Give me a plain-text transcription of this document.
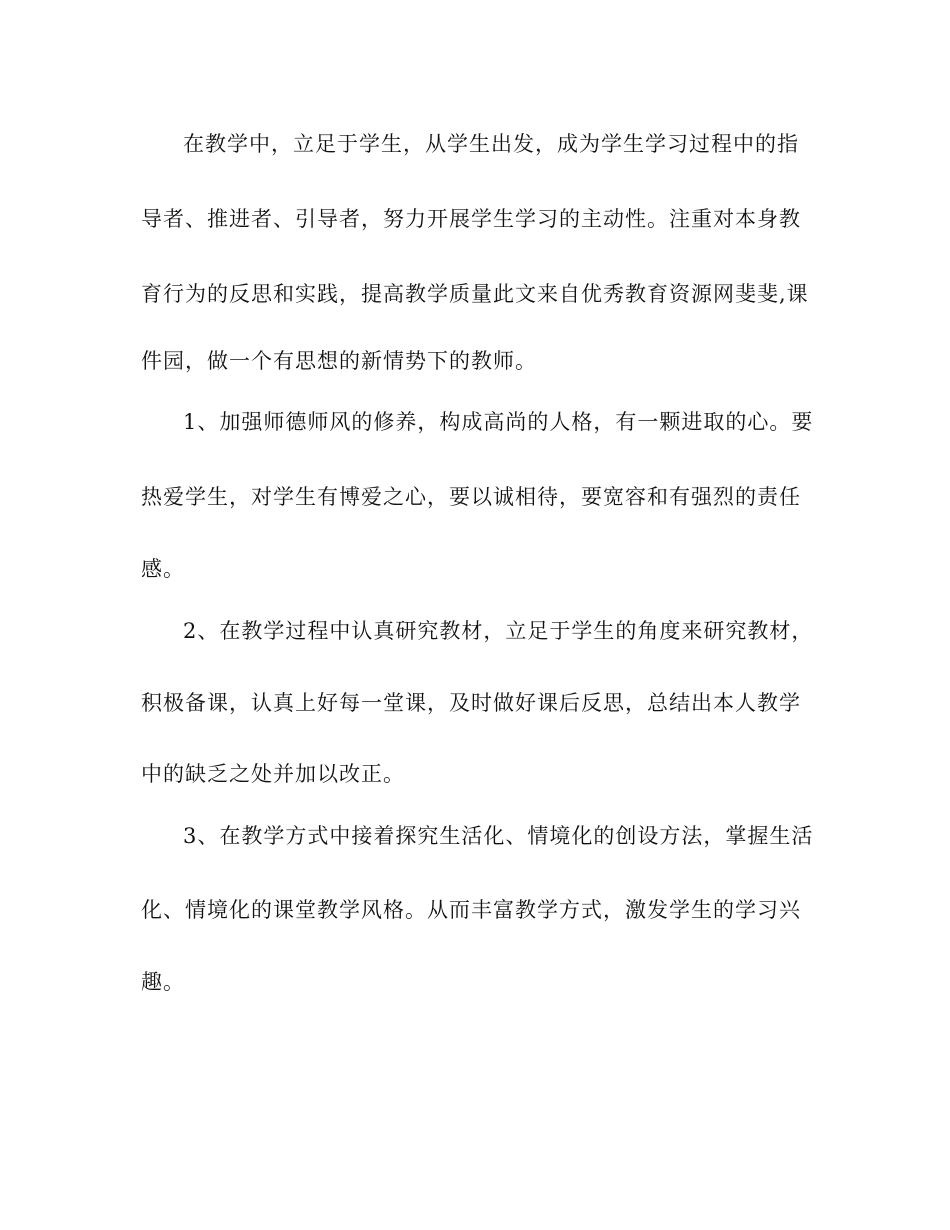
在教学中，立足于学生，从学生出发，成为学生学习过程中的指
导者、推进者、引导者，努力开展学生学习的主动性。注重对本身教
育行为的反思和实践，提高教学质量此文来自优秀教育资源网斐斐,课
件园，做一个有思想的新情势下的教师。
1、加强师德师风的修养，构成高尚的人格，有一颗进取的心。要
热爱学生，对学生有博爱之心，要以诚相待，要宽容和有强烈的责任
感。
2、在教学过程中认真研究教材，立足于学生的角度来研究教材，
积极备课，认真上好每一堂课，及时做好课后反思，总结出本人教学
中的缺乏之处并加以改正。
3、在教学方式中接着探究生活化、情境化的创设方法，掌握生活
化、情境化的课堂教学风格。从而丰富教学方式，激发学生的学习兴
趣。
